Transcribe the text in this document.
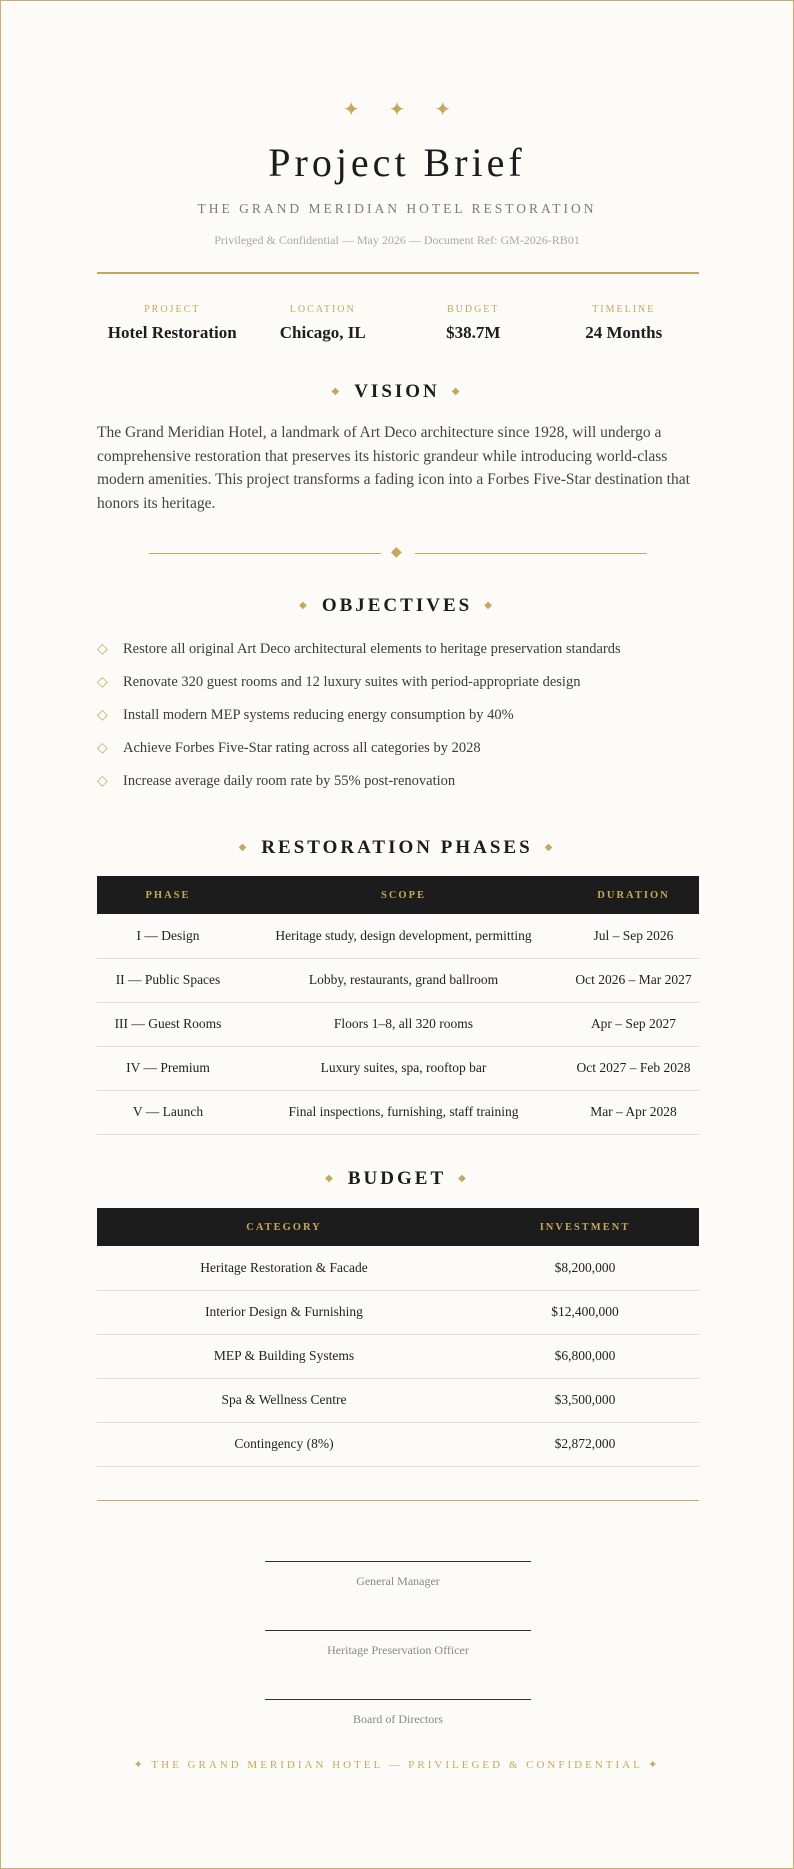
✦ ✦ ✦
Project Brief
THE GRAND MERIDIAN HOTEL RESTORATION
Privileged & Confidential — May 2026 — Document Ref: GM-2026-RB01
PROJECT
Hotel Restoration
LOCATION
Chicago, IL
BUDGET
$38.7M
TIMELINE
24 Months
◆ VISION ◆

The Grand Meridian Hotel, a landmark of Art Deco architecture since 1928, will undergo a comprehensive restoration that preserves its historic grandeur while introducing world-class modern amenities. This project transforms a fading icon into a Forbes Five-Star destination that honors its heritage.

◆
◆ OBJECTIVES ◆
◇	Restore all original Art Deco architectural elements to heritage preservation standards
◇	Renovate 320 guest rooms and 12 luxury suites with period-appropriate design
◇	Install modern MEP systems reducing energy consumption by 40%
◇	Achieve Forbes Five-Star rating across all categories by 2028
◇	Increase average daily room rate by 55% post-renovation
◆ RESTORATION PHASES ◆
PHASE	SCOPE	DURATION
I — Design	Heritage study, design development, permitting	Jul – Sep 2026
II — Public Spaces	Lobby, restaurants, grand ballroom	Oct 2026 – Mar 2027
III — Guest Rooms	Floors 1–8, all 320 rooms	Apr – Sep 2027
IV — Premium	Luxury suites, spa, rooftop bar	Oct 2027 – Feb 2028
V — Launch	Final inspections, furnishing, staff training	Mar – Apr 2028
◆ BUDGET ◆
CATEGORY	INVESTMENT
Heritage Restoration & Facade	$8,200,000
Interior Design & Furnishing	$12,400,000
MEP & Building Systems	$6,800,000
Spa & Wellness Centre	$3,500,000
Contingency (8%)	$2,872,000
General Manager
Heritage Preservation Officer
Board of Directors
✦ THE GRAND MERIDIAN HOTEL — PRIVILEGED & CONFIDENTIAL ✦
